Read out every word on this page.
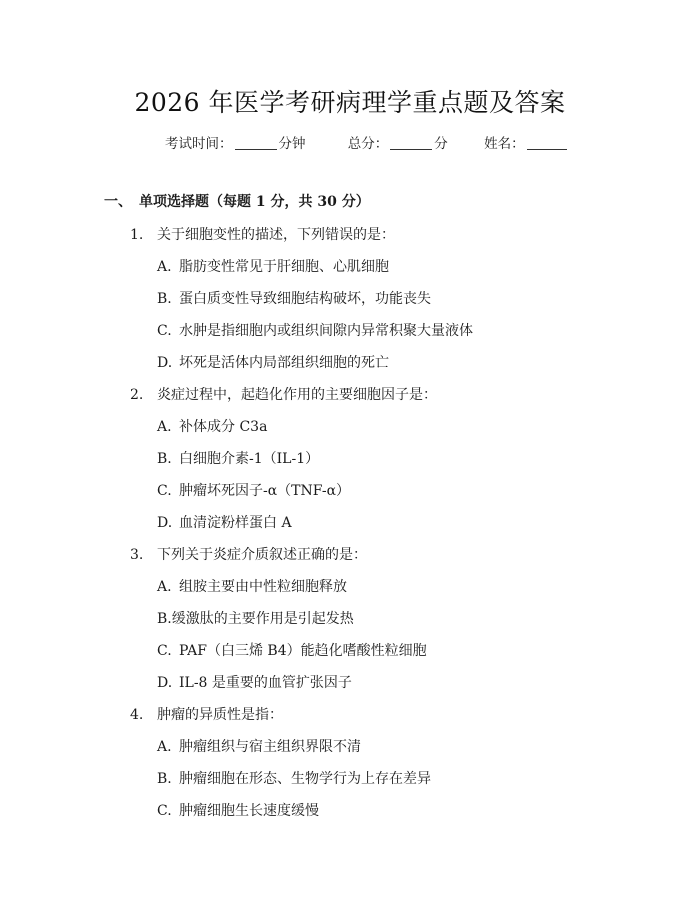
2026 年医学考研病理学重点题及答案
考试时间：	分钟	总分：	分	姓名：
一、 单项选择题（每题 1 分，共 30 分）
1. 关于细胞变性的描述，下列错误的是：
A. 脂肪变性常见于肝细胞、心肌细胞
B. 蛋白质变性导致细胞结构破坏，功能丧失
C. 水肿是指细胞内或组织间隙内异常积聚大量液体
D. 坏死是活体内局部组织细胞的死亡
2. 炎症过程中，起趋化作用的主要细胞因子是：
A. 补体成分 C3a
B. 白细胞介素-1（IL-1）
C. 肿瘤坏死因子-α（TNF-α）
D. 血清淀粉样蛋白 A
3. 下列关于炎症介质叙述正确的是：
A. 组胺主要由中性粒细胞释放
B.缓激肽的主要作用是引起发热
C. PAF（白三烯 B4）能趋化嗜酸性粒细胞
D. IL-8 是重要的血管扩张因子
4. 肿瘤的异质性是指：
A. 肿瘤组织与宿主组织界限不清
B. 肿瘤细胞在形态、生物学行为上存在差异
C. 肿瘤细胞生长速度缓慢
